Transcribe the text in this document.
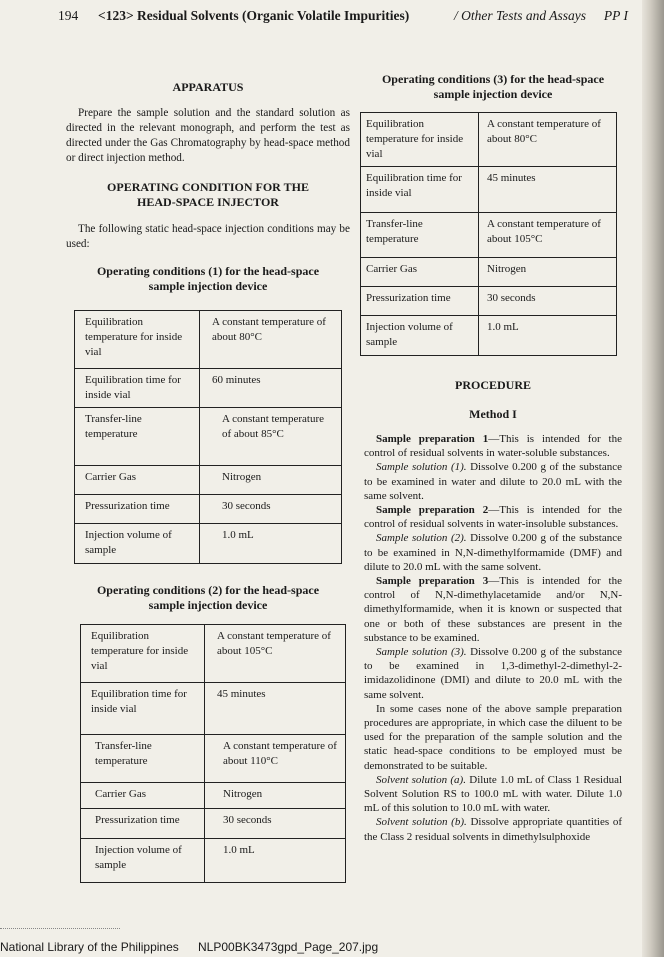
194 <123> Residual Solvents (Organic Volatile Impurities)	/ Other Tests and Assays PP I
APPARATUS

Prepare the sample solution and the standard solution as directed in the relevant monograph, and perform the test as directed under the Gas Chromatography by head-space method or direct injection method.

OPERATING CONDITION FOR THE
HEAD-SPACE INJECTOR

The following static head-space injection conditions may be used:

Operating conditions (1) for the head-space
sample injection device
Equilibration temperature for inside vial	A constant temperature of about 80°C
Equilibration time for inside vial	60 minutes
Transfer-line temperature	A constant temperature of about 85°C
Carrier Gas	Nitrogen
Pressurization time	30 seconds
Injection volume of sample	1.0 mL
Operating conditions (2) for the head-space
sample injection device
Equilibration temperature for inside vial	A constant temperature of about 105°C
Equilibration time for inside vial	45 minutes
Transfer-line temperature	A constant temperature of about 110°C
Carrier Gas	Nitrogen
Pressurization time	30 seconds
Injection volume of sample	1.0 mL
Operating conditions (3) for the head-space
sample injection device
Equilibration temperature for inside vial	A constant temperature of about 80°C
Equilibration time for inside vial	45 minutes
Transfer-line temperature	A constant temperature of about 105°C
Carrier Gas	Nitrogen
Pressurization time	30 seconds
Injection volume of sample	1.0 mL
PROCEDURE
Method I

Sample preparation 1—This is intended for the control of residual solvents in water-soluble substances.

Sample solution (1). Dissolve 0.200 g of the substance to be examined in water and dilute to 20.0 mL with the same solvent.

Sample preparation 2—This is intended for the control of residual solvents in water-insoluble substances.

Sample solution (2). Dissolve 0.200 g of the substance to be examined in N,N-dimethylformamide (DMF) and dilute to 20.0 mL with the same solvent.

Sample preparation 3—This is intended for the control of N,N-dimethylacetamide and/or N,N-dimethylformamide, when it is known or suspected that one or both of these substances are present in the substance to be examined.

Sample solution (3). Dissolve 0.200 g of the substance to be examined in 1,3-dimethyl-2-dimethyl-2-imidazolidinone (DMI) and dilute to 20.0 mL with the same solvent.

In some cases none of the above sample preparation procedures are appropriate, in which case the diluent to be used for the preparation of the sample solution and the static head-space conditions to be employed must be demonstrated to be suitable.

Solvent solution (a). Dilute 1.0 mL of Class 1 Residual Solvent Solution RS to 100.0 mL with water. Dilute 1.0 mL of this solution to 10.0 mL with water.

Solvent solution (b). Dissolve appropriate quantities of the Class 2 residual solvents in dimethylsulphoxide

National Library of the Philippines NLP00BK3473gpd_Page_207.jpg
